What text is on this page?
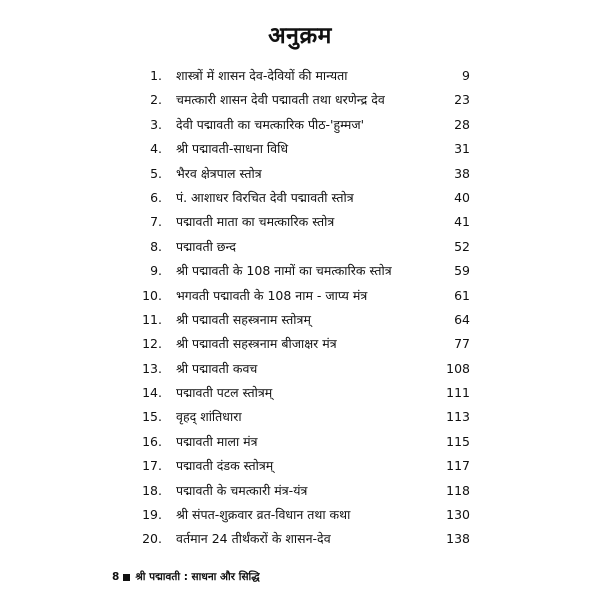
अनुक्रम
1. शास्त्रों में शासन देव-देवियों की मान्यता	9
2. चमत्कारी शासन देवी पद्मावती तथा धरणेन्द्र देव	23
3. देवी पद्मावती का चमत्कारिक पीठ-'हुम्मज'	28
4. श्री पद्मावती-साधना विधि	31
5. भैरव क्षेत्रपाल स्तोत्र	38
6. पं. आशाधर विरचित देवी पद्मावती स्तोत्र	40
7. पद्मावती माता का चमत्कारिक स्तोत्र	41
8. पद्मावती छन्द	52
9. श्री पद्मावती के 108 नामों का चमत्कारिक स्तोत्र	59
10. भगवती पद्मावती के 108 नाम - जाप्य मंत्र	61
11. श्री पद्मावती सहस्त्रनाम स्तोत्रम्	64
12. श्री पद्मावती सहस्त्रनाम बीजाक्षर मंत्र	77
13. श्री पद्मावती कवच	108
14. पद्मावती पटल स्तोत्रम्	111
15. वृहद् शांतिधारा	113
16. पद्मावती माला मंत्र	115
17. पद्मावती दंडक स्तोत्रम्	117
18. पद्मावती के चमत्कारी मंत्र-यंत्र	118
19. श्री संपत-शुक्रवार व्रत-विधान तथा कथा	130
20. वर्तमान 24 तीर्थंकरों के शासन-देव	138
8 श्री पद्मावती : साधना और सिद्धि
